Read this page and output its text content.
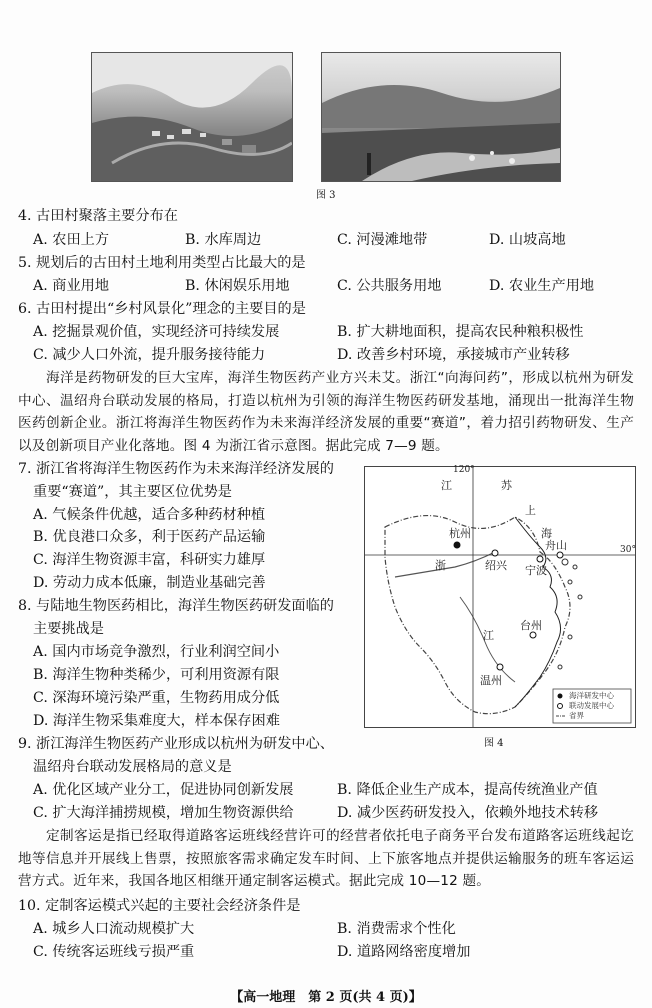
图 3
4. 古田村聚落主要分布在
A. 农田上方	B. 水库周边	C. 河漫滩地带	D. 山坡高地
5. 规划后的古田村土地利用类型占比最大的是
A. 商业用地	B. 休闲娱乐用地	C. 公共服务用地	D. 农业生产用地
6. 古田村提出“乡村风景化”理念的主要目的是
A. 挖掘景观价值，实现经济可持续发展	B. 扩大耕地面积，提高农民种粮积极性
C. 减少人口外流，提升服务接待能力	D. 改善乡村环境，承接城市产业转移
海洋是药物研发的巨大宝库，海洋生物医药产业方兴未艾。浙江“向海问药”，形成以杭州为研发中心、温绍舟台联动发展的格局，打造以杭州为引领的海洋生物医药研发基地，涌现出一批海洋生物医药创新企业。浙江将海洋生物医药作为未来海洋经济发展的重要“赛道”，着力招引药物研发、生产以及创新项目产业化落地。图 4 为浙江省示意图。据此完成 7—9 题。
7. 浙江省将海洋生物医药作为未来海洋经济发展的
重要“赛道”，其主要区位优势是
A. 气候条件优越，适合多种药材种植
B. 优良港口众多，利于医药产品运输
C. 海洋生物资源丰富，科研实力雄厚
D. 劳动力成本低廉，制造业基础完善
8. 与陆地生物医药相比，海洋生物医药研发面临的
主要挑战是
A. 国内市场竞争激烈，行业利润空间小
B. 海洋生物种类稀少，可利用资源有限
C. 深海环境污染严重，生物药用成分低
D. 海洋生物采集难度大，样本保存困难
120°
30°
江	苏
上
海
浙
江
杭州
绍兴 宁波
舟山
台州
温州
海洋研发中心
联动发展中心
省界
图 4
9. 浙江海洋生物医药产业形成以杭州为研发中心、
温绍舟台联动发展格局的意义是
A. 优化区域产业分工，促进协同创新发展	B. 降低企业生产成本，提高传统渔业产值
C. 扩大海洋捕捞规模，增加生物资源供给	D. 减少医药研发投入，依赖外地技术转移
定制客运是指已经取得道路客运班线经营许可的经营者依托电子商务平台发布道路客运班线起讫地等信息并开展线上售票，按照旅客需求确定发车时间、上下旅客地点并提供运输服务的班车客运运营方式。近年来，我国各地区相继开通定制客运模式。据此完成 10—12 题。
10. 定制客运模式兴起的主要社会经济条件是
A. 城乡人口流动规模扩大	B. 消费需求个性化
C. 传统客运班线亏损严重	D. 道路网络密度增加
【高一地理　第 2 页(共 4 页)】
